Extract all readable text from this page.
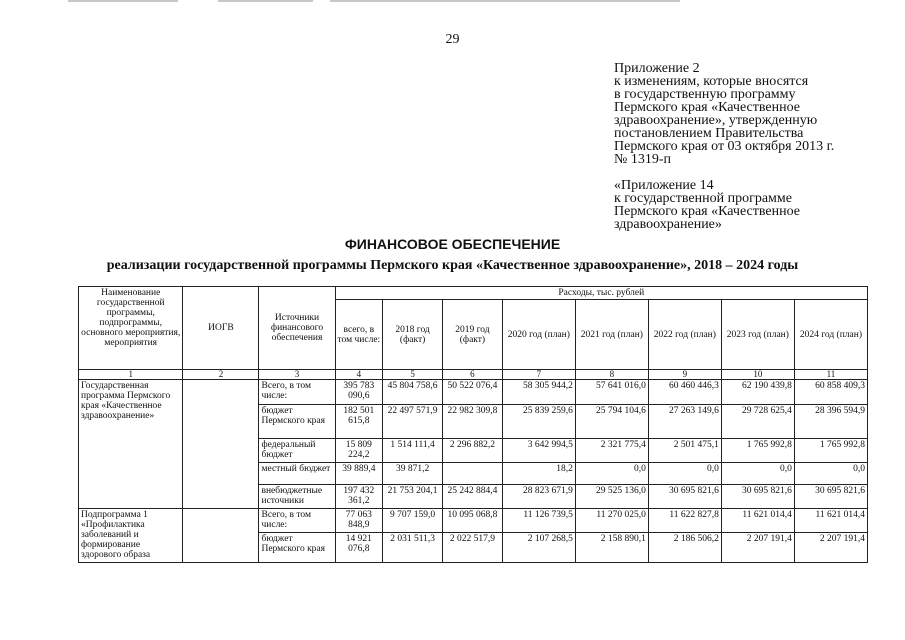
29
Приложение 2
к изменениям, которые вносятся
в государственную программу
Пермского края «Качественное
здравоохранение», утвержденную
постановлением Правительства
Пермского края от 03 октября 2013 г.
№ 1319-п
«Приложение 14
к государственной программе
Пермского края «Качественное
здравоохранение»
ФИНАНСОВОЕ ОБЕСПЕЧЕНИЕ
реализации государственной программы Пермского края «Качественное здравоохранение», 2018 – 2024 годы
Наименование государственной программы, подпрограммы, основного мероприятия, мероприятия	ИОГВ	Источники финансового обеспечения	Расходы, тыс. рублей							
			всего, в том числе:	2018 год (факт)	2019 год (факт)	2020 год (план)	2021 год (план)	2022 год (план)	2023 год (план)	2024 год (план)
1	2	3	4	5	6	7	8	9	10	11
Государственная программа Пермского края «Качественное здравоохранение»		Всего, в том числе:	395 783 090,6	45 804 758,6	50 522 076,4	58 305 944,2	57 641 016,0	60 460 446,3	62 190 439,8	60 858 409,3
		бюджет Пермского края	182 501 615,8	22 497 571,9	22 982 309,8	25 839 259,6	25 794 104,6	27 263 149,6	29 728 625,4	28 396 594,9
		федеральный бюджет	15 809 224,2	1 514 111,4	2 296 882,2	3 642 994,5	2 321 775,4	2 501 475,1	1 765 992,8	1 765 992,8
		местный бюджет	39 889,4	39 871,2		18,2	0,0	0,0	0,0	0,0
		внебюджетные источники	197 432 361,2	21 753 204,1	25 242 884,4	28 823 671,9	29 525 136,0	30 695 821,6	30 695 821,6	30 695 821,6
Подпрограмма 1 «Профилактика заболеваний и формирование здорового образа		Всего, в том числе:	77 063 848,9	9 707 159,0	10 095 068,8	11 126 739,5	11 270 025,0	11 622 827,8	11 621 014,4	11 621 014,4
		бюджет Пермского края	14 921 076,8	2 031 511,3	2 022 517,9	2 107 268,5	2 158 890,1	2 186 506,2	2 207 191,4	2 207 191,4
